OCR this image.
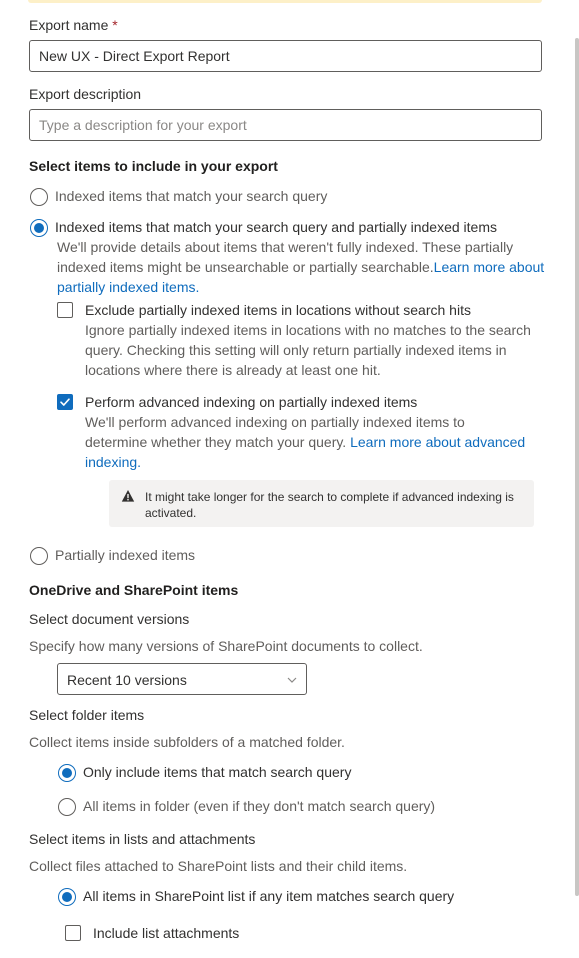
Export name *
New UX - Direct Export Report
Export description
Type a description for your export
Select items to include in your export
Indexed items that match your search query
Indexed items that match your search query and partially indexed items
We'll provide details about items that weren't fully indexed. These partially
indexed items might be unsearchable or partially searchable.Learn more about
partially indexed items.
Exclude partially indexed items in locations without search hits
Ignore partially indexed items in locations with no matches to the search
query. Checking this setting will only return partially indexed items in
locations where there is already at least one hit.
Perform advanced indexing on partially indexed items
We'll perform advanced indexing on partially indexed items to
determine whether they match your query. Learn more about advanced
indexing.
It might take longer for the search to complete if advanced indexing is
activated.
Partially indexed items
OneDrive and SharePoint items
Select document versions
Specify how many versions of SharePoint documents to collect.
Recent 10 versions
Select folder items
Collect items inside subfolders of a matched folder.
Only include items that match search query
All items in folder (even if they don't match search query)
Select items in lists and attachments
Collect files attached to SharePoint lists and their child items.
All items in SharePoint list if any item matches search query
Include list attachments
